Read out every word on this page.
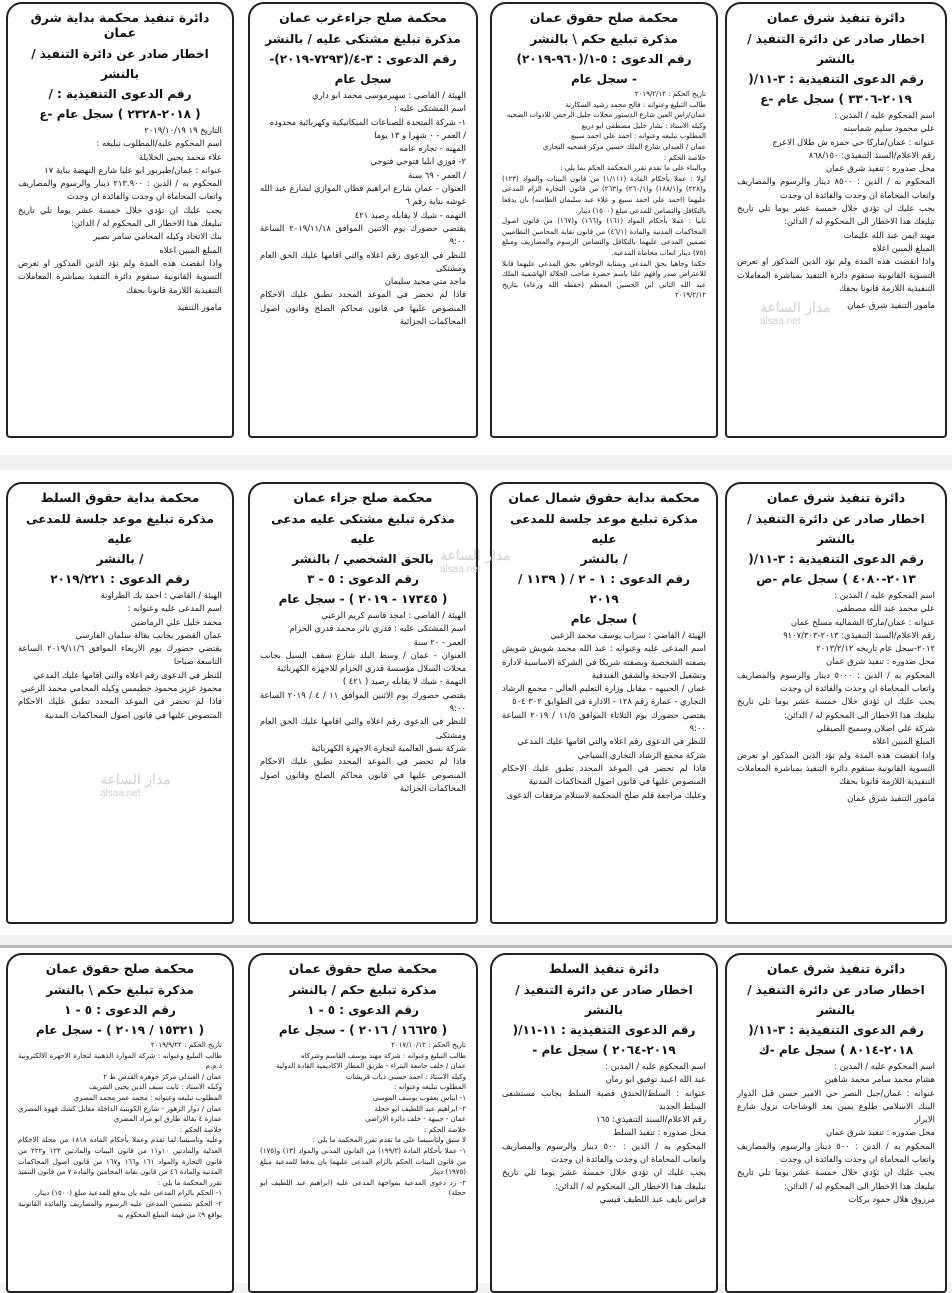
دائرة تنفيذ شرق عمان
اخطار صادر عن دائرة التنفيذ / بالنشر
رقم الدعوى التنفيذية : ٣-١١/(
٢٠١٩-٣٣٠٦ ) سجل عام -ع

اسم المحكوم عليه / المدين :

علي محمود سليم شماسنه

عنوانه : عمان/ماركا حي حمزه ش طلال الاعرج

رقم الاعلام/السند التنفيذي: ٨٦٨/١٥٠

محل صدوره : تنفيذ شرق عمان

المحكوم به / الدين : ٨٥٠٠ دينار والرسوم والمصاريف واتعاب المحاماة ان وجدت والفائدة ان وجدت

يجب عليك ان تؤدي خلال خمسة عشر يوما تلي تاريخ تبليغك هذا الاخطار الى المحكوم له / الدائن:

مهند ايمن عبد الله عليمات

المبلغ المبين اعلاه

واذا انقضت هذه المدة ولم تؤد الدين المذكور او تعرض التسوية القانونية ستقوم دائرة التنفيذ بمباشرة المعاملات التنفيذية اللازمة قانونا بحقك

مامور التنفيذ شرق عمان
محكمة صلح حقوق عمان
مذكرة تبليغ حكم \ بالنشر
رقم الدعوى : ٥-١/(٩٦٠-٢٠١٩)
- سجل عام

تاريخ الحكم : ٢٠١٩/٢/١٢

طالب التبليغ وعنوانه : فالح محمد رشيد السكارنة

عمان/راس العين شارع الدستور محلات خليل الرحمن للادوات الصحيه

وكيله الاستاذ : بشار خليل مصطفى ابو دريع

المطلوب تبليغه وعنوانه : احمد علي احمد سبيع

عمان / العبدلي شارع الملك حسين مركز قصحيه التجاري

خلاصة الحكم :

وبالبناء على ما تقدم تقرر المحكمة الحكم بما يلي :

اولا : عملا بأحكام المادة (١/١١١) من قانون البينات والمواد (١٢٣) و(٢٢٨) و(١٨٨/١) و(٢٦٠/١) و(٢٦٣) من قانون التجارة الزام المدعى عليهما (احمد علي احمد سبيع و علاء عبد سليمان الطامنه) بان يدفعا بالتكافل والتضامن للمدعي مبلغ (١٥٠٠) دينار.

ثانيا : عملا بأحكام المواد (١٦١) و(١٦٦) و(١٦٧) من قانون اصول المحاكمات المدنية والمادة (٤٦/١) من قانون نقابة المحامين النظاميين تضمين المدعى عليهما بالتكافل والتضامن الرسوم والمصاريف ومبلغ (٧٥) دينار اتعاب محاماة المدعية.

حكما وجاهيا بحق المدعى وبمثابة الوجاهي بحق المدعى عليهما قابلا للاعتراض صدر وافهم علنا باسم حضرة صاحب الجلالة الهاشمية الملك عبد الله الثاني ابن الحسين المعظم (حفظه الله ورعاه) بتاريخ ٢٠١٩/٢/١٢

محكمة صلح جزاءغرب عمان
مذكرة تبليغ مشتكى عليه / بالنشر
رقم الدعوى : ٣-٤/(٧٢٩٣-٢٠١٩)-
سجل عام

الهيئة / القاضي : سهيرموسى محمد ابو داري

اسم المشتكى عليه :

١- شركة المتحدة للصناعات الميكانيكية وكهربائية محدوده

/ العمر - ٠ شهرا و ١٣ يوما

المهنه - تجاره عامه

٢- فوزي ابليا فتوحي فتوحي

/ العمر - ٦٩ سنة

العنوان - عمان شارع ابراهيم قطان الموازي لشارع عبد الله غوشه بناية رقم ٦

التهمه - شيك لا يقابله رصيد ٤٢١

يقتضي حضورك يوم الاثنين الموافق ٢٠١٩/١١/١٨ الساعة ٩:٠٠

للنظر في الدعوى رقم اعلاه والتي اقامها عليك الحق العام ومشتكى

ماجد متي مجيد سليمان

فاذا لم تحضر في الموعد المحدد تطبق عليك الاحكام المنصوص عليها في قانون محاكم الصلح وقانون اصول المحاكمات الجزائية

دائرة تنفيذ محكمة بداية شرق عمان
اخطار صادر عن دائرة التنفيذ / بالنشر
رقم الدعوى التنفيذية : /
( ٢٠١٨-٢٣٢٨ ) سجل عام -ع

التاريخ ١٩ ٢٠١٩/١٠/١٩

اسم المحكوم عليه/المطلوب تبليغه :

علاء محمد يحيى الخلايلة

عنوانه : عمان/طبربور ابو عليا شارع النهضة بناية ١٧

المحكوم به / الدين : ٢١٣.٩٠٠ دينار والرسوم والمصاريف واتعاب المحاماة ان وجدت والفائدة ان وجدت

يجب عليك ان تؤدي خلال خمسة عشر يوما تلي تاريخ تبليغك هذا الاخطار الى المحكوم له / الدائن:

بنك الاتحاد وكيله المحامي سامر نصير

المبلغ المبين اعلاه

واذا انقضت هذه المدة ولم تؤد الدين المذكور او تعرض التسوية القانونية ستقوم دائرة التنفيذ بمباشرة المعاملات التنفيذية اللازمة قانونا بحقك

مامور التنفيذ
دائرة تنفيذ شرق عمان
اخطار صادر عن دائرة التنفيذ / بالنشر
رقم الدعوى التنفيذية : ٣-١١/(
٢٠١٣-٤٠٨٠ ) سجل عام -ص

اسم المحكوم عليه / المدين :

علي محمد عبد الله مصطفى

عنوانه : عمان/ماركا الشماليه مسلخ عمان

رقم الاعلام/السند التنفيذي: ٢٠١٣-٩١٠٧/٣٠٣

٢٠١٢-سجل عام تاريخه ٢٠١٣/٢/١٢

محل صدوره : تنفيذ شرق عمان

المحكوم به / الدين : ٥٠٠٠ دينار والرسوم والمصاريف واتعاب المحاماة ان وجدت والفائدة ان وجدت

يجب عليك ان تؤدي خلال خمسة عشر يوما تلي تاريخ تبليغك هذا الاخطار الى المحكوم له / الدائن:

شركة علي اصلان وسميح الصيقلي

المبلغ المبين اعلاه

واذا انقضت هذه المدة ولم تؤد الدين المذكور او تعرض التسوية القانونية ستقوم دائرة التنفيذ بمباشرة المعاملات التنفيذية اللازمة قانونا بحقك

مامور التنفيذ شرق عمان
محكمة بداية حقوق شمال عمان
مذكرة تبليغ موعد جلسة للمدعى عليه
/ بالنشر
رقم الدعوى : ١ - ٢ / ( ١١٣٩ / ٢٠١٩
) سجل عام

الهيئة / القاضي : سراب يوسف محمد الزعبي

اسم المدعى عليه وعنوانه : عبد الله محمد شويش شويش بصفته الشخصية وبصفته شريكا في الشركة الاساسية لادارة وتشغيل الاجنحة والشقق الفندقية

عمان / الجبيهه - مقابل وزارة التعليم العالي - مجمع الرشاد التجاري - عمارة رقم ١٢٨ - الادارة في الطوابق ٣٠٢ ٥٠٤

يقتضي حضورك يوم الثلاثاء الموافق ١١/٥ / ٢٠١٩ الساعة ٩:٠٠

للنظر في الدعوى رقم اعلاه والتي اقامها عليك المدعي

شركة مجمع الرشاد التجاري السياحي

فاذا لم تحضر في الموعد المحدد تطبق عليك الاحكام المنصوص عليها في قانون اصول المحاكمات المدنية

وعليك مراجعة قلم صلح المحكمة لاستلام مرفقات الدعوى

محكمة صلح جزاء عمان
مذكرة تبليغ مشتكى عليه مدعى عليه
بالحق الشخصي / بالنشر
رقم الدعوى : ٥ - ٣
( ١٧٣٤٥ - ٢٠١٩ ) - سجل عام

الهيئة / القاضي : امجد قاسم كريم الزعبي

اسم المشتكى عليه : قدري ناثر محمد قدري الحزام

العمر - ٢٠ سنة

العنوان - عمان / وسط البلد شارع سقف السيل بجانب محلات السلال مؤسسة قدري الحزام للاجهزة الكهربائية

التهمة - شيك لا يقابله رصيد ( ٤٢١ )

يقتضي حضورك يوم الاثنين الموافق ١١ / ٤ / ٢٠١٩ الساعة ٩:٠٠

للنظر في الدعوى رقم اعلاه والتي اقامها عليك الحق العام ومشتكى

شركة نسق العالمية لتجارة الاجهزة الكهربائية

فاذا لم تحضر في الموعد المحدد تطبق عليك الاحكام المنصوص عليها في قانون محاكم الصلح وقانون اصول المحاكمات الجزائية

محكمة بداية حقوق السلط
مذكرة تبليغ موعد جلسة للمدعى عليه
/ بالنشر
رقم الدعوى : ٢٠١٩/٢٢١

الهيئة / القاضي : احمد بك الطراونة

اسم المدعى عليه وعنوانه :

محمد خليل علي الرماضين

عمان القصور بجانب بقالة سلمان الفارسي

يقتضي حضورك يوم الاربعاء الموافق ٢٠١٩/١١/٦ الساعة التاسعة صباحا

للنظر في الدعوى رقم اعلاه والتي اقامها عليك المدعي

محمود عزيز محمود خطيمس وكيله المحامي محمد الزعبي

فاذا لم تحضر في الموعد المحدد تطبق عليك الاحكام المنصوص عليها في قانون اصول المحاكمات المدنية

دائرة تنفيذ شرق عمان
اخطار صادر عن دائرة التنفيذ / بالنشر
رقم الدعوى التنفيذية : ٣-١١/(
٢٠١٨-٨٠١٤ ) سجل عام -ك

اسم المحكوم عليه / المدين :

هشام محمد سامر محمد شاهين

عنوانه : عمان/جبل النصر حي الامير حسن قبل الدوار البنك الاسلامي طلوع يمين بعد الوشاحات نزول شارع الابرار

محل صدوره : تنفيذ شرق عمان

المحكوم به / الدين : ٥٠٠ دينار والرسوم والمصاريف واتعاب المحاماة ان وجدت والفائدة ان وجدت

يجب عليك ان تؤدي خلال خمسة عشر يوما تلي تاريخ تبليغك هذا الاخطار الى المحكوم له / الدائن:

مرزوق هلال حمود بركات

دائرة تنفيذ السلط
اخطار صادر عن دائرة التنفيذ / بالنشر
رقم الدعوى التنفيذية : ١١-١١/(
٢٠١٩-٢٠٦٤ ) سجل عام -

اسم المحكوم عليه / المدين :

عبد الله اعبيد توفيق ابو رمان

عنوانه : السلط/الخندق قصبة السلط بجانب مستشفى السلط الجديد

رقم الاعلام/السند التنفيذي: ١٦٥

محل صدوره : تنفيذ السلط

المحكوم به / الدين : ٥٠٠ دينار والرسوم والمصاريف واتعاب المحاماة ان وجدت والفائدة ان وجدت

يجب عليك ان تؤدي خلال خمسة عشر يوما تلي تاريخ تبليغك هذا الاخطار الى المحكوم له / الدائن:

فراس نايف عبد اللطيف قيسي

محكمة صلح حقوق عمان
مذكرة تبليغ حكم / بالنشر
رقم الدعوى : ٥ - ١
( ١٦٦٢٥ / ٢٠١٦ ) - سجل عام

تاريخ الحكم : ٢٠١٧/١٠/١٢

طالب التبليغ وعنوانه : شركة مهند يوسف القاسم وشركاه

عمان / خلف جامعة البتراء - طريق المطار الاكاديمية القادة الدولية

وكيله الاستاذ : احمد حسني ذياب قريشات

المطلوب تبليغه وعنوانه :

١- ايناس يعقوب يوسف الموسى

٢- ابراهيم عبد اللطيف ابو حجلة

عمان - جبيهة - خلف دائرة الاراضي

خلاصة الحكم :

لا سبق ولتاسيسا على ما تقدم تقرر المحكمة ما يلي :

١- عملا بأحكام المادة (١٩٩/٢) من القانون المدني والمواد (١٣) و(١٧٥) من قانون البينات الحكم بالزام المدعى عليهما بان يدفعا للمدعية مبلغ (١٩٧٥) دينار

٢- رد دعوى المدعية بمواجهة المدعى عليه (ابراهيم عبد اللطيف ابو حجلة)

محكمة صلح حقوق عمان
مذكرة تبليغ حكم \ بالنشر
رقم الدعوى : ٥ - ١
( ١٥٣٢١ / ٢٠١٩ ) - سجل عام

تاريخ الحكم : ٢٠١٩/٩/٢٢

طالب التبليغ وعنوانه : شركة الموارد الذهبية لتجارة الاجهزة الالكترونية ذ.م.م

عمان / العبدلي مركز جوهرة القدس ط ٢

وكيله الاستاذ : ثابت سيف الدين يحيى الشريف

المطلوب تبليغه وعنوانه : محمد عمر محمد المصري

عمان / دوار الزهور - شارع الكويتية الداخلة مقابل كشك قهوة المصري عمارة ٤ بقالة طارق ابو مراد المصري

خلاصة الحكم :

وعليه وتاسيسا لما تقدم وعملا بأحكام المادة ١٨١٨ من مجلة الاحكام العدلية والمادتين ١٠و١١ من قانون البينات والمادتين ١٢٣ و٢٢٢ من قانون التجارة والمواد ١٦١ و١٦٦ و١٦٧ من قانون اصول المحاكمات المدنية والمادة ٤٦ من قانون نقابة المحامين والمادة ٧ من قانون التنفيذ تقرر المحكمة ما يلي :

١- الحكم بالزام المدعى عليه بان يدفع للمدعية مبلغ (١٥٠٠) دينار.

٢- الحكم بتضمين المدعى عليه الرسوم والمصاريف والفائدة القانونية بواقع ٩٪ من قيمة المبلغ المحكوم به

مدار الساعة
alsaa.net
مدار الساعة
alsaa.net
مدار الساعة
alsaa.net
